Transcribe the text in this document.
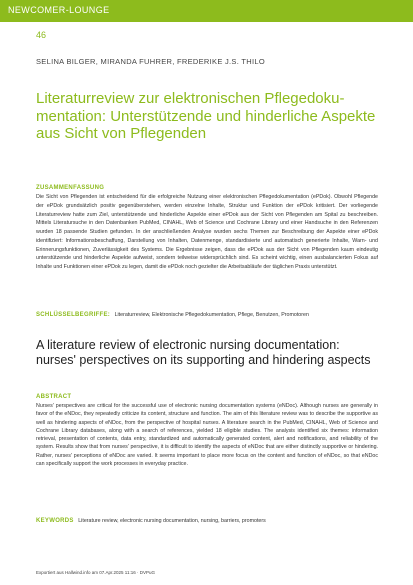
NEWCOMER-LOUNGE
46
SELINA BILGER, MIRANDA FUHRER, FREDERIKE J.S. THILO
Literaturreview zur elektronischen Pflegedokumentation: Unterstützende und hinderliche Aspekte aus Sicht von Pflegenden
ZUSAMMENFASSUNG

Die Sicht von Pflegenden ist entscheidend für die erfolgreiche Nutzung einer elektronischen Pflegedokumentation (ePDok). Obwohl Pflegende der ePDok grundsätzlich positiv gegenüberstehen, werden einzelne Inhalte, Struktur und Funktion der ePDok kritisiert. Der vorliegende Literaturreview hatte zum Ziel, unterstützende und hinderliche Aspekte einer ePDok aus der Sicht von Pflegenden am Spital zu beschreiben. Mittels Literatursuche in den Datenbanken PubMed, CINAHL, Web of Science und Cochrane Library und einer Handsuche in den Referenzen wurden 18 passende Studien gefunden. In der anschließenden Analyse wurden sechs Themen zur Beschreibung der Aspekte einer ePDok identifiziert: Informationsbeschaffung, Darstellung von Inhalten, Datenmenge, standardisierte und automatisch generierte Inhalte, Warn- und Erinnerungsfunktionen, Zuverlässigkeit des Systems. Die Ergebnisse zeigen, dass die ePDok aus der Sicht von Pflegenden kaum eindeutig unterstützende und hinderliche Aspekte aufweist, sondern teilweise widersprüchlich sind. Es scheint wichtig, einen ausbalancierten Fokus auf Inhalte und Funktionen einer ePDok zu legen, damit die ePDok noch gezielter die Arbeitsabläufe der täglichen Praxis unterstützt.

SCHLÜSSELBEGRIFFE: Literaturreview, Elektronische Pflegedokumentation, Pflege, Benutzen, Promotoren
A literature review of electronic nursing documentation: nurses' perspectives on its supporting and hindering aspects
ABSTRACT

Nurses' perspectives are critical for the successful use of electronic nursing documentation systems (eNDoc). Although nurses are generally in favor of the eNDoc, they repeatedly criticize its content, structure and function. The aim of this literature review was to describe the supportive as well as hindering aspects of eNDoc, from the perspective of hospital nurses. A literature search in the PubMed, CINAHL, Web of Science and Cochrane Library databases, along with a search of references, yielded 18 eligible studies. The analysis identified six themes: information retrieval, presentation of contents, data entry, standardized and automatically generated content, alert and notifications, and reliability of the system. Results show that from nurses' perspective, it is difficult to identify the aspects of eNDoc that are either distinctly supportive or hindering. Rather, nurses' perceptions of eNDoc are varied. It seems important to place more focus on the content and function of eNDoc, so that eNDoc can specifically support the work processes in everyday practice.

KEYWORDS Literature review, electronic nursing documentation, nursing, barriers, promoters
Exportiert aus Hallwind.info am 07.Apr.2025 11:16 · DVPuG
